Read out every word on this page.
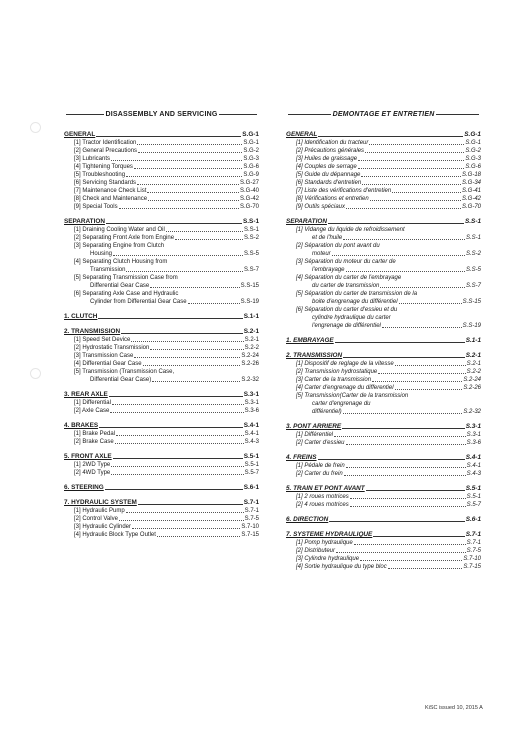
DISASSEMBLY AND SERVICING
GENERAL	S.G-1
[1] Tractor Identification	S.G-1
[2] General Precautions	S.G-2
[3] Lubricants	S.G-3
[4] Tightening Torques	S.G-6
[5] Troubleshooting	S.G-9
[6] Servicing Standards	S.G-27
[7] Maintenance Check List	S.G-40
[8] Check and Maintenance	S.G-42
[9] Special Tools	S.G-70
SEPARATION	S.S-1
[1] Draining Cooling Water and Oil	S.S-1
[2] Separating Front Axle from Engine	S.S-2
[3] Separating Engine from Clutch
Housing	S.S-5
[4] Separating Clutch Housing from
Transmission	S.S-7
[5] Separating Transmission Case from
Differential Gear Case	S.S-15
[6] Separating Axle Case and Hydraulic
Cylinder from Differential Gear Case	S.S-19
1. CLUTCH	S.1-1
2. TRANSMISSION	S.2-1
[1] Speed Set Device	S.2-1
[2] Hydrostatic Transmission	S.2-2
[3] Transmission Case	S.2-24
[4] Differential Gear Case	S.2-26
[5] Transmission (Transmission Case,
Differential Gear Case)	S.2-32
3. REAR AXLE	S.3-1
[1] Differential	S.3-1
[2] Axle Case	S.3-6
4. BRAKES	S.4-1
[1] Brake Pedal	S.4-1
[2] Brake Case	S.4-3
5. FRONT AXLE	S.5-1
[1] 2WD Type	S.5-1
[2] 4WD Type	S.5-7
6. STEERING	S.6-1
7. HYDRAULIC SYSTEM	S.7-1
[1] Hydraulic Pump	S.7-1
[2] Control Valve	S.7-5
[3] Hydraulic Cylinder	S.7-10
[4] Hydraulic Block Type Outlet	S.7-15
DEMONTAGE ET ENTRETIEN
GENERAL	S.G-1
[1] Identification du tracteur	S.G-1
[2] Précautions générales	S.G-2
[3] Huiles de graissage	S.G-3
[4] Couples de serrage	S.G-6
[5] Guide du dépannage	S.G-18
[6] Standards d'entretien	S.G-34
[7] Liste des vérifications d'entretien	S.G-41
[8] Vérifications et entretien	S.G-42
[9] Outils spéciaux	S.G-70
SEPARATION	S.S-1
[1] Vidange du liquide de refroidissement
et de l'huile	S.S-1
[2] Séparation du pont avant du
moteur	S.S-2
[3] Séparation du moteur du carter de
l'embrayage	S.S-5
[4] Séparation du carter de l'embrayage
du carter de transmission	S.S-7
[5] Séparation du carter de transmission de la
boite d'engrenage du différentiel	S.S-15
[6] Séparation du carter d'essieu et du
cylindre hydraulique du carter
l'engrenage de différentiel	S.S-19
1. EMBRAYAGE	S.1-1
2. TRANSMISSION	S.2-1
[1] Dispositif de reglage de la vitesse	S.2-1
[2] Transmission hydrostatique	S.2-2
[3] Carter de la transmission	S.2-24
[4] Carter d'engrenage du differentiel	S.2-26
[5] Transmission(Carter de la transmission
carter d'engrenage du
différentiel)	S.2-32
3. PONT ARRIERE	S.3-1
[1] Différentiel	S.3-1
[2] Carter d'essieu	S.3-6
4. FREINS	S.4-1
[1] Pédale de frein	S.4-1
[2] Carter du frein	S.4-3
5. TRAIN ET PONT AVANT	S.5-1
[1] 2 roues motrices	S.5-1
[2] 4 roues motrices	S.5-7
6. DIRECTION	S.6-1
7. SYSTEME HYDRAULIQUE	S.7-1
[1] Pomp hydraulique	S.7-1
[2] Distributeur	S.7-5
[3] Cylindre hydraulique	S.7-10
[4] Sortie hydraulique du type bloc	S.7-15
KiSC issued 10, 2015 A
